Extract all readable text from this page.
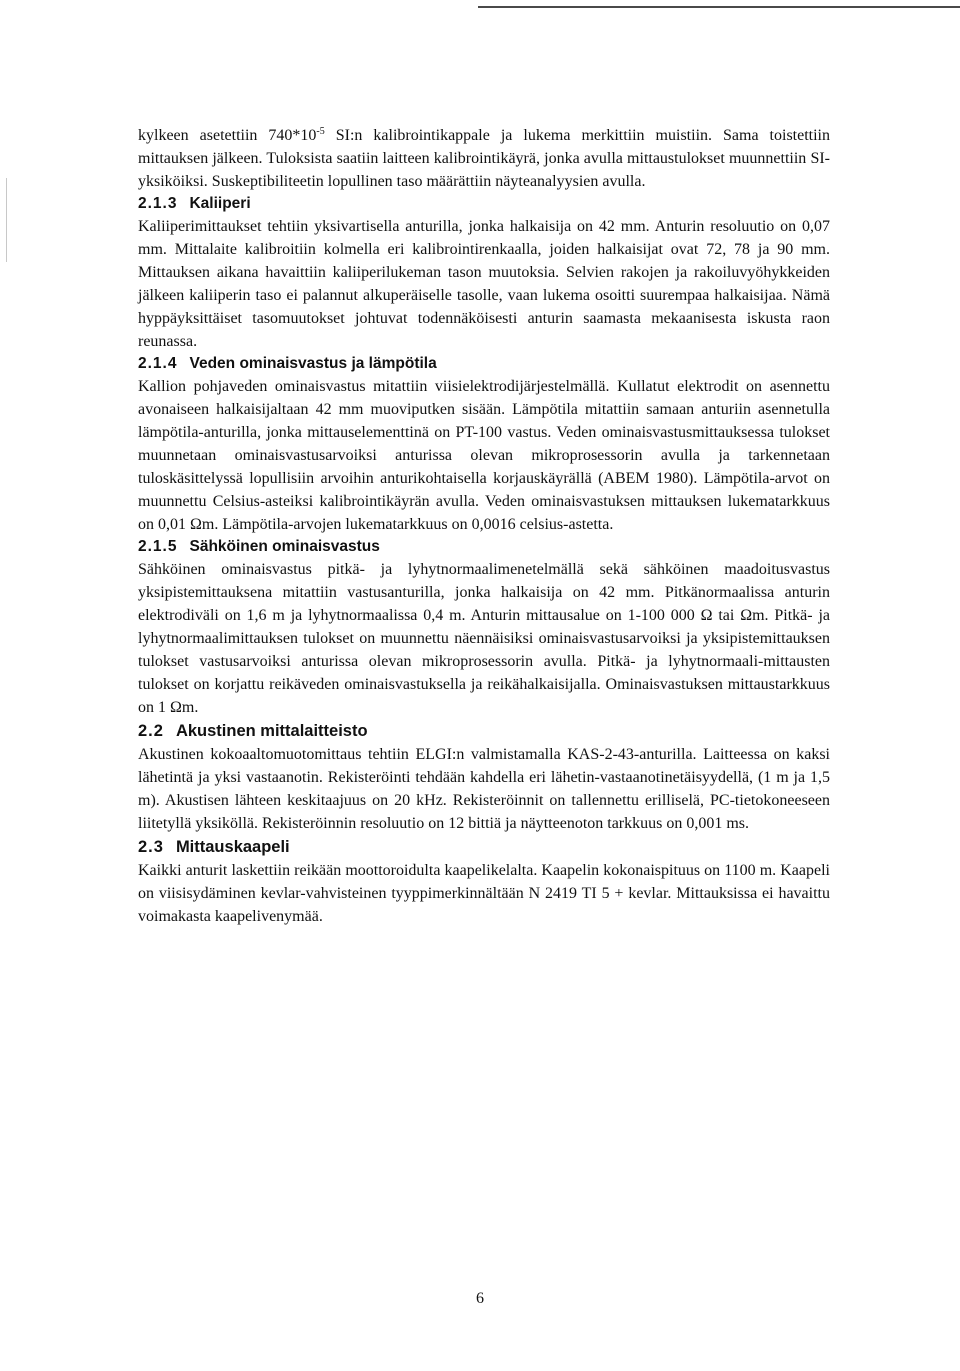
kylkeen asetettiin $740*10^{-5}$ SI:n kalibrointikappale ja lukema merkittiin muistiin. Sama toistettiin mittauksen jälkeen. Tuloksista saatiin laitteen kalibrointikäyrä, jonka avulla mittaustulokset muunnettiin SI-yksiköiksi. Suskeptibiliteetin lopullinen taso määrättiin näyteanalyysien avulla.

2.1.3 Kaliiperi

Kaliiperimittaukset tehtiin yksivartisella anturilla, jonka halkaisija on 42 mm. Anturin resoluutio on 0,07 mm. Mittalaite kalibroitiin kolmella eri kalibrointirenkaalla, joiden halkaisijat ovat 72, 78 ja 90 mm. Mittauksen aikana havaittiin kaliiperilukeman tason muutoksia. Selvien rakojen ja rakoiluvyöhykkeiden jälkeen kaliiperin taso ei palannut alkuperäiselle tasolle, vaan lukema osoitti suurempaa halkaisijaa. Nämä hyppäyksittäiset tasomuutokset johtuvat todennäköisesti anturin saamasta mekaanisesta iskusta raon reunassa.

2.1.4 Veden ominaisvastus ja lämpötila

Kallion pohjaveden ominaisvastus mitattiin viisielektrodijärjestelmällä. Kullatut elektrodit on asennettu avonaiseen halkaisijaltaan 42 mm muoviputken sisään. Lämpötila mitattiin samaan anturiin asennetulla lämpötila-anturilla, jonka mittauselementtinä on PT-100 vastus. Veden ominaisvastusmittauksessa tulokset muunnetaan ominaisvastusarvoiksi anturissa olevan mikroprosessorin avulla ja tarkennetaan tuloskäsittelyssä lopullisiin arvoihin anturikohtaisella korjauskäyrällä (ABEM 1980). Lämpötila-arvot on muunnettu Celsius-asteiksi kalibrointikäyrän avulla. Veden ominaisvastuksen mittauksen lukematarkkuus on 0,01 Ωm. Lämpötila-arvojen lukematarkkuus on 0,0016 celsius-astetta.

2.1.5 Sähköinen ominaisvastus

Sähköinen ominaisvastus pitkä- ja lyhytnormaalimenetelmällä sekä sähköinen maadoitusvastus yksipistemittauksena mitattiin vastusanturilla, jonka halkaisija on 42 mm. Pitkänormaalissa anturin elektrodiväli on 1,6 m ja lyhytnormaalissa 0,4 m. Anturin mittausalue on 1-100 000 Ω tai Ωm. Pitkä- ja lyhytnormaalimittauksen tulokset on muunnettu näennäisiksi ominaisvastusarvoiksi ja yksipistemittauksen tulokset vastusarvoiksi anturissa olevan mikroprosessorin avulla. Pitkä- ja lyhytnormaali-mittausten tulokset on korjattu reikäveden ominaisvastuksella ja reikähalkaisijalla. Ominaisvastuksen mittaustarkkuus on 1 Ωm.

2.2 Akustinen mittalaitteisto

Akustinen kokoaaltomuotomittaus tehtiin ELGI:n valmistamalla KAS-2-43-anturilla. Laitteessa on kaksi lähetintä ja yksi vastaanotin. Rekisteröinti tehdään kahdella eri lähetin-vastaanotinetäisyydellä, (1 m ja 1,5 m). Akustisen lähteen keskitaajuus on 20 kHz. Rekisteröinnit on tallennettu erilliselä, PC-tietokoneeseen liitetyllä yksiköllä. Rekisteröinnin resoluutio on 12 bittiä ja näytteenoton tarkkuus on 0,001 ms.

2.3 Mittauskaapeli

Kaikki anturit laskettiin reikään moottoroidulta kaapelikelalta. Kaapelin kokonaispituus on 1100 m. Kaapeli on viisisydäminen kevlar-vahvisteinen tyyppimerkinnältään N 2419 TI 5 + kevlar. Mittauksissa ei havaittu voimakasta kaapelivenymää.

6
